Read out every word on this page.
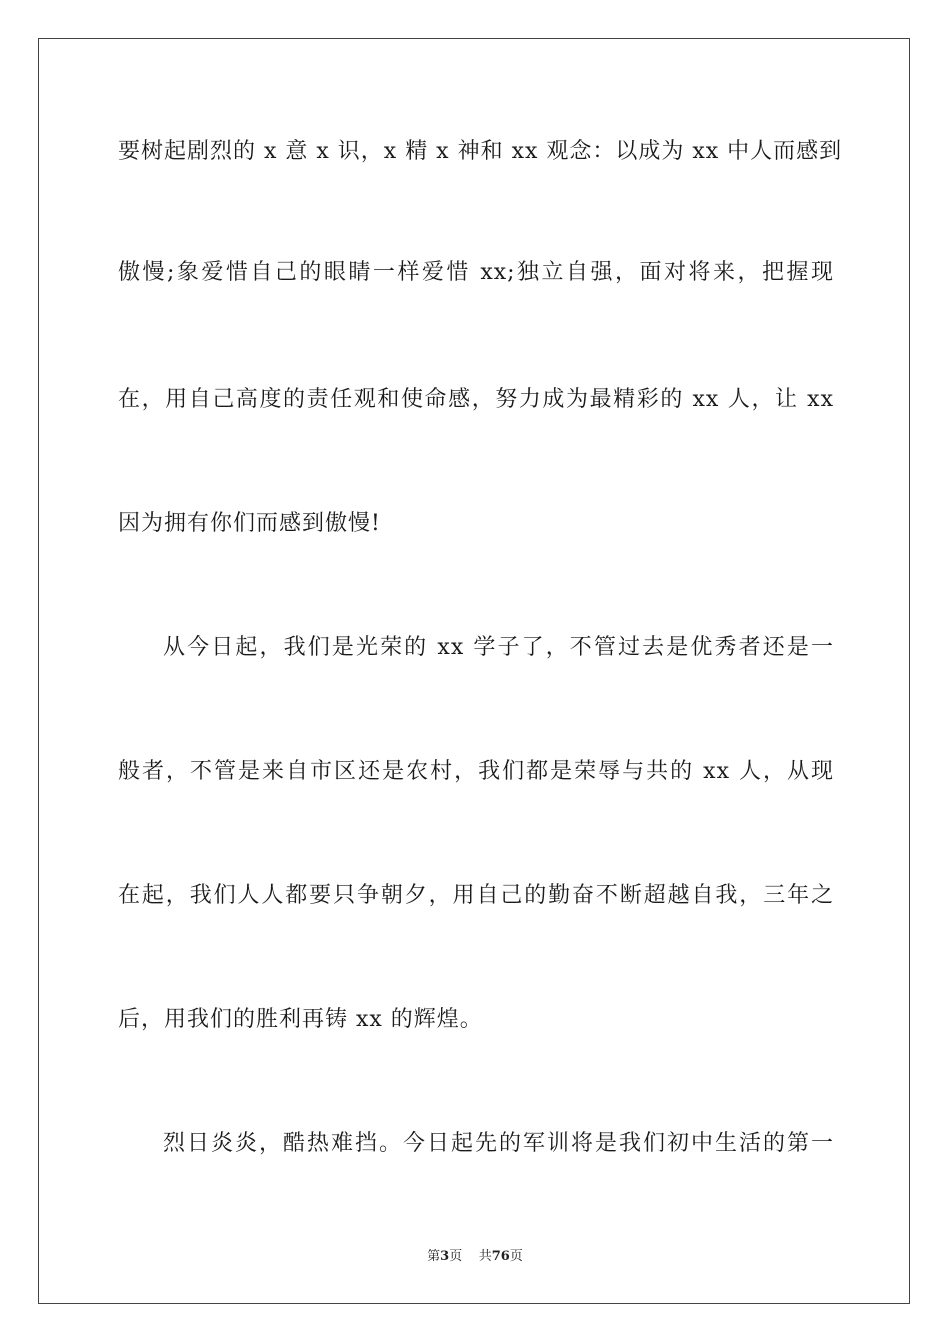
要树起剧烈的 x 意 x 识，x 精 x 神和 xx 观念：以成为 xx 中人而感到
傲慢;象爱惜自己的眼睛一样爱惜 xx;独立自强，面对将来，把握现
在，用自己高度的责任观和使命感，努力成为最精彩的 xx 人，让 xx
因为拥有你们而感到傲慢!
从今日起，我们是光荣的 xx 学子了，不管过去是优秀者还是一
般者，不管是来自市区还是农村，我们都是荣辱与共的 xx 人，从现
在起，我们人人都要只争朝夕，用自己的勤奋不断超越自我，三年之
后，用我们的胜利再铸 xx 的辉煌。
烈日炎炎，酷热难挡。今日起先的军训将是我们初中生活的第一
第3页 共76页
